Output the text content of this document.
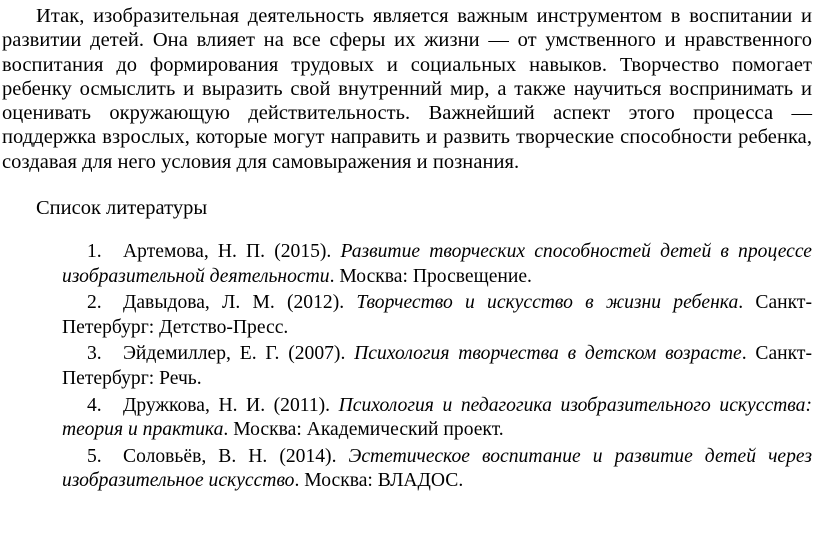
Итак, изобразительная деятельность является важным инструментом в воспитании и развитии детей. Она влияет на все сферы их жизни — от умственного и нравственного воспитания до формирования трудовых и социальных навыков. Творчество помогает ребенку осмыслить и выразить свой внутренний мир, а также научиться воспринимать и оценивать окружающую действительность. Важнейший аспект этого процесса — поддержка взрослых, которые могут направить и развить творческие способности ребенка, создавая для него условия для самовыражения и познания.

Список литературы
1. Артемова, Н. П. (2015). Развитие творческих способностей детей в процессе изобразительной деятельности. Москва: Просвещение.
2. Давыдова, Л. М. (2012). Творчество и искусство в жизни ребенка. Санкт-Петербург: Детство-Пресс.
3. Эйдемиллер, Е. Г. (2007). Психология творчества в детском возрасте. Санкт-Петербург: Речь.
4. Дружкова, Н. И. (2011). Психология и педагогика изобразительного искусства: теория и практика. Москва: Академический проект.
5. Соловьёв, В. Н. (2014). Эстетическое воспитание и развитие детей через изобразительное искусство. Москва: ВЛАДОС.
